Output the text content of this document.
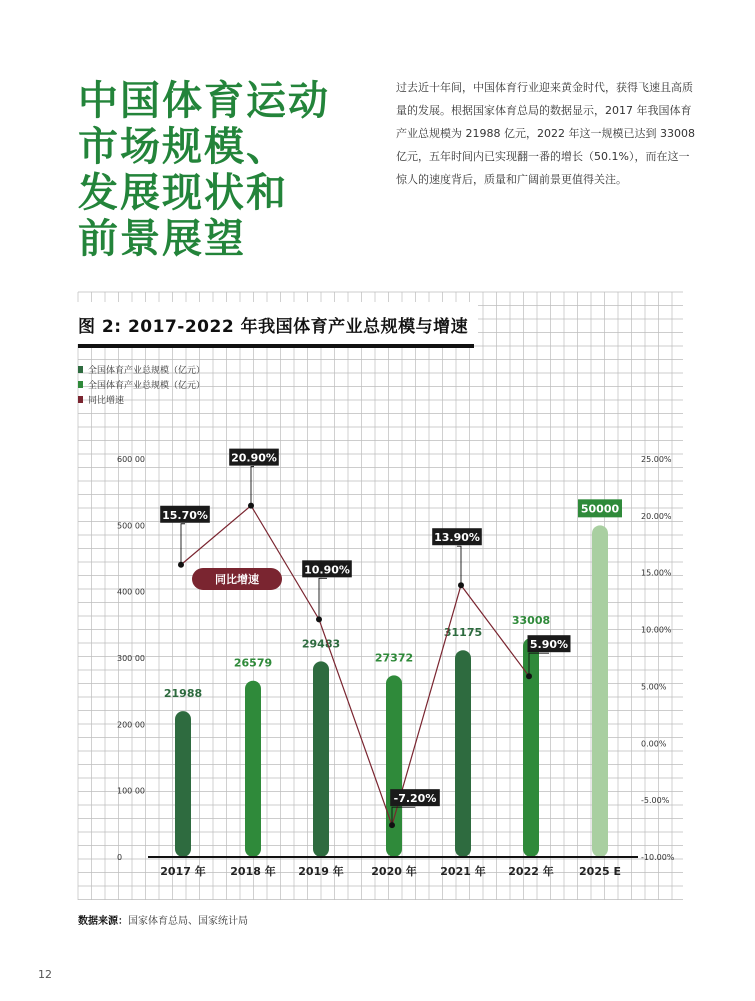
中国体育运动
市场规模、
发展现状和
前景展望
过去近十年间，中国体育行业迎来黄金时代，获得飞速且高质量的发展。根据国家体育总局的数据显示，2017 年我国体育产业总规模为 21988 亿元，2022 年这一规模已达到 33008 亿元，五年时间内已实现翻一番的增长（50.1%），而在这一惊人的速度背后，质量和广阔前景更值得关注。
0
100 00
200 00
300 00
400 00
500 00
600 00
-10.00%
-5.00%
0.00%
5.00%
10.00%
15.00%
20.00%
25.00%
21988
26579
29483
27372
31175
33008
50000
2017 年 2018 年 2019 年	2020 年 2021 年 2022 年 2025 E
15.70%
20.90%
10.90%
-7.20%
13.90%
5.90%
同比增速
图 2: 2017-2022 年我国体育产业总规模与增速
全国体育产业总规模（亿元）
全国体育产业总规模（亿元）
同比增速
数据来源：国家体育总局、国家统计局
12
